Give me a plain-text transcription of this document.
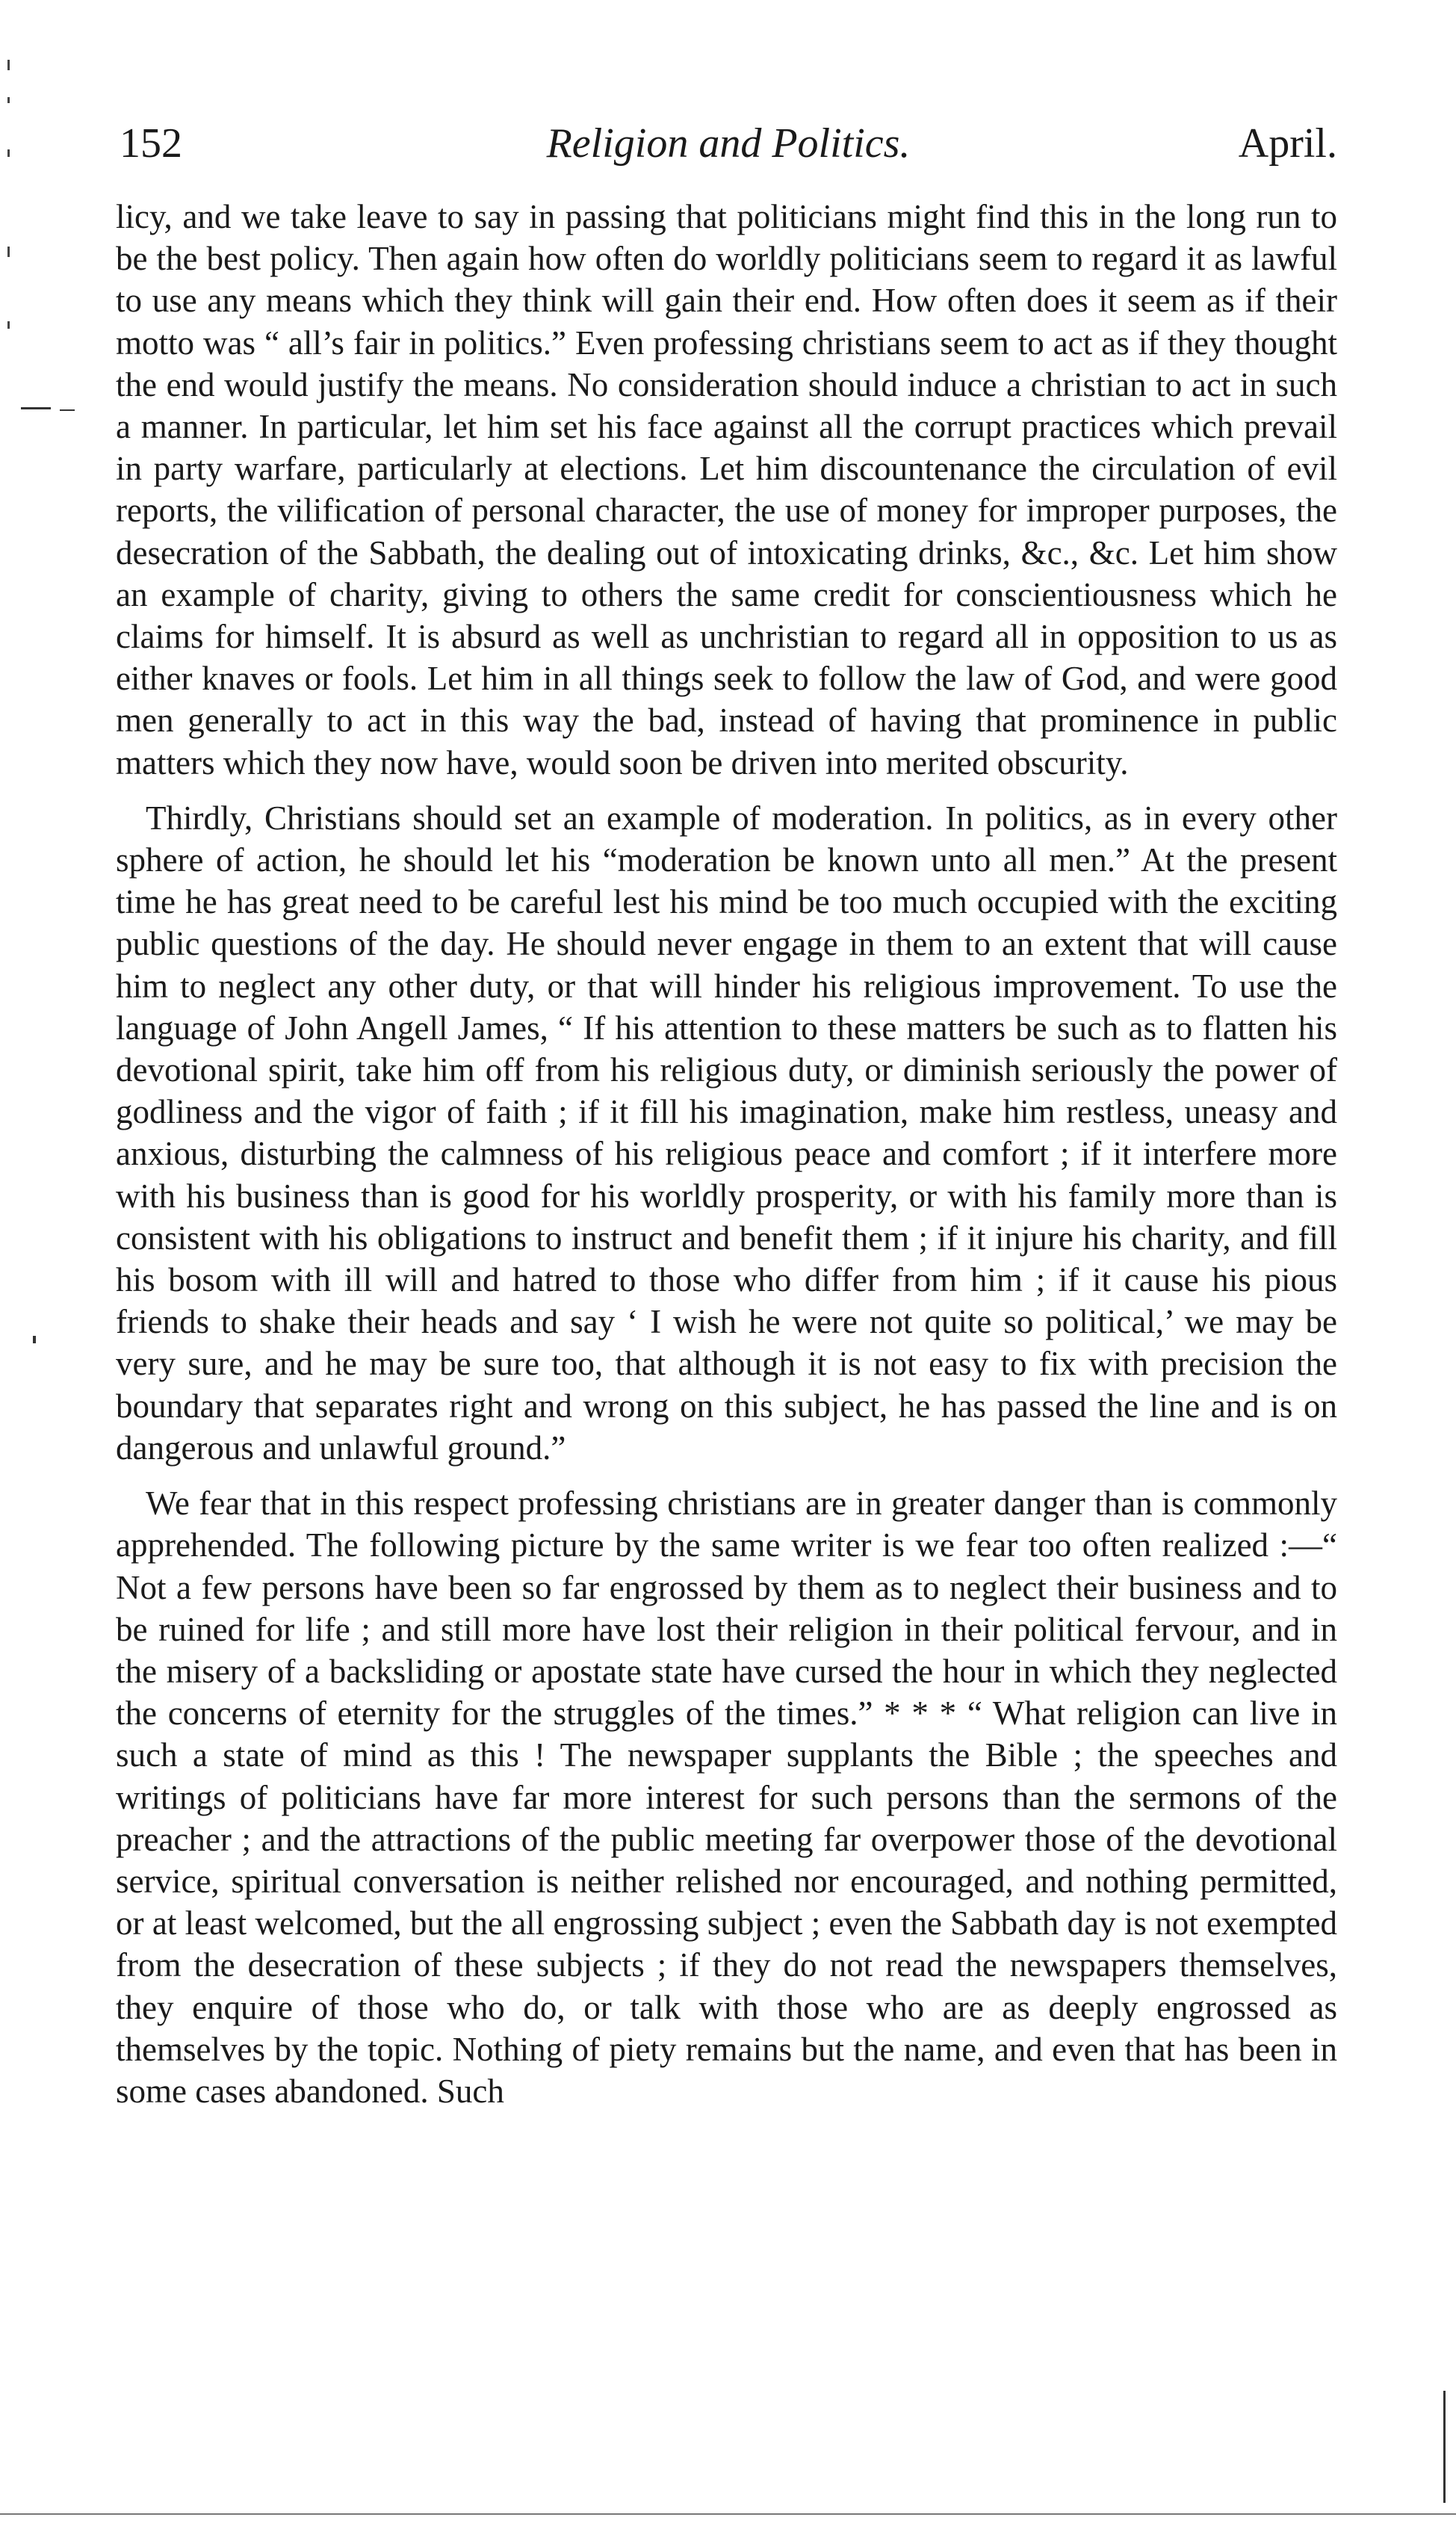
152	Religion and Politics.	April.

licy, and we take leave to say in passing that politicians might find this in the long run to be the best policy. Then again how often do worldly politicians seem to regard it as lawful to use any means which they think will gain their end. How often does it seem as if their motto was “ all’s fair in politics.” Even professing christians seem to act as if they thought the end would justify the means. No consideration should induce a christian to act in such a manner. In particular, let him set his face against all the corrupt practices which prevail in party warfare, particularly at elections. Let him discountenance the circulation of evil reports, the vilification of personal character, the use of money for improper purposes, the desecration of the Sabbath, the dealing out of intoxicating drinks, &c., &c. Let him show an example of charity, giving to others the same credit for conscientiousness which he claims for himself. It is absurd as well as unchristian to regard all in opposition to us as either knaves or fools. Let him in all things seek to follow the law of God, and were good men generally to act in this way the bad, instead of having that prominence in public matters which they now have, would soon be driven into merited obscurity.

Thirdly, Christians should set an example of moderation. In politics, as in every other sphere of action, he should let his “moderation be known unto all men.” At the present time he has great need to be careful lest his mind be too much occupied with the exciting public questions of the day. He should never engage in them to an extent that will cause him to neglect any other duty, or that will hinder his religious improvement. To use the language of John Angell James, “ If his attention to these matters be such as to flatten his devotional spirit, take him off from his religious duty, or diminish seriously the power of godliness and the vigor of faith ; if it fill his imagination, make him restless, uneasy and anxious, disturbing the calmness of his religious peace and comfort ; if it interfere more with his business than is good for his worldly prosperity, or with his family more than is consistent with his obligations to instruct and benefit them ; if it injure his charity, and fill his bosom with ill will and hatred to those who differ from him ; if it cause his pious friends to shake their heads and say ‘ I wish he were not quite so political,’ we may be very sure, and he may be sure too, that although it is not easy to fix with precision the boundary that separates right and wrong on this subject, he has passed the line and is on dangerous and unlawful ground.”

We fear that in this respect professing christians are in greater danger than is commonly apprehended. The following picture by the same writer is we fear too often realized :—“ Not a few persons have been so far engrossed by them as to neglect their business and to be ruined for life ; and still more have lost their religion in their political fervour, and in the misery of a backsliding or apostate state have cursed the hour in which they neglected the concerns of eternity for the struggles of the times.” * * * “ What religion can live in such a state of mind as this ! The newspaper supplants the Bible ; the speeches and writings of politicians have far more interest for such persons than the sermons of the preacher ; and the attractions of the public meeting far overpower those of the devotional service, spiritual conversation is neither relished nor encouraged, and nothing permitted, or at least welcomed, but the all engrossing subject ; even the Sabbath day is not exempted from the desecration of these subjects ; if they do not read the newspapers themselves, they enquire of those who do, or talk with those who are as deeply engrossed as themselves by the topic. Nothing of piety remains but the name, and even that has been in some cases abandoned. Such
